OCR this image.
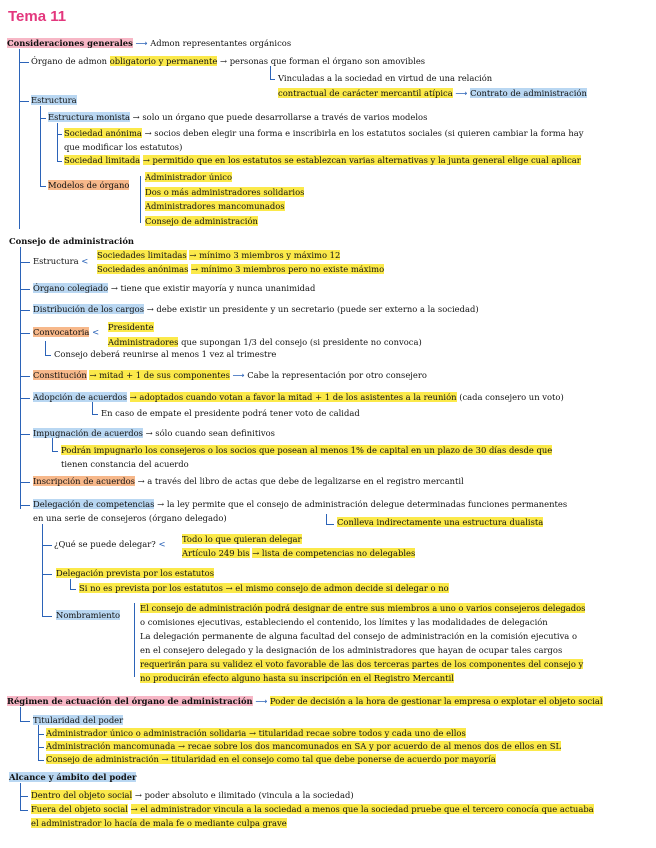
Tema 11
Consideraciones generales ⟶ Admon representantes orgánicos
Órgano de admon obligatorio y permanente → personas que forman el órgano son amovibles
Vinculadas a la sociedad en virtud de una relación
contractual de carácter mercantil atípica ⟶ Contrato de administración
Estructura
Estructura monista → solo un órgano que puede desarrollarse a través de varios modelos
Sociedad anónima → socios deben elegir una forma e inscribirla en los estatutos sociales (si quieren cambiar la forma hay
que modificar los estatutos)
Sociedad limitada → permitido que en los estatutos se establezcan varias alternativas y la junta general elige cual aplicar
Modelos de órgano
Administrador único
Dos o más administradores solidarios
Administradores mancomunados
Consejo de administración
Consejo de administración
Estructura <
Sociedades limitadas → mínimo 3 miembros y máximo 12
Sociedades anónimas → mínimo 3 miembros pero no existe máximo
Órgano colegiado → tiene que existir mayoría y nunca unanimidad
Distribución de los cargos → debe existir un presidente y un secretario (puede ser externo a la sociedad)
Convocatoria < Presidente
Administradores que supongan 1/3 del consejo (si presidente no convoca)
Consejo deberá reunirse al menos 1 vez al trimestre
Constitución → mitad + 1 de sus componentes ⟶ Cabe la representación por otro consejero
Adopción de acuerdos → adoptados cuando votan a favor la mitad + 1 de los asistentes a la reunión (cada consejero un voto)
En caso de empate el presidente podrá tener voto de calidad
Impugnación de acuerdos → sólo cuando sean definitivos
Podrán impugnarlo los consejeros o los socios que posean al menos 1% de capital en un plazo de 30 días desde que
tienen constancia del acuerdo
Inscripción de acuerdos → a través del libro de actas que debe de legalizarse en el registro mercantil
Delegación de competencias → la ley permite que el consejo de administración delegue determinadas funciones permanentes
en una serie de consejeros (órgano delegado)	Conlleva indirectamente una estructura dualista
¿Qué se puede delegar? < Todo lo que quieran delegar
Artículo 249 bis → lista de competencias no delegables
Delegación prevista por los estatutos
Si no es prevista por los estatutos → el mismo consejo de admon decide si delegar o no
Nombramiento
El consejo de administración podrá designar de entre sus miembros a uno o varios consejeros delegados
o comisiones ejecutivas, estableciendo el contenido, los límites y las modalidades de delegación
La delegación permanente de alguna facultad del consejo de administración en la comisión ejecutiva o
en el consejero delegado y la designación de los administradores que hayan de ocupar tales cargos
requerirán para su validez el voto favorable de las dos terceras partes de los componentes del consejo y
no producirán efecto alguno hasta su inscripción en el Registro Mercantil
Régimen de actuación del órgano de administración ⟶ Poder de decisión a la hora de gestionar la empresa o explotar el objeto social
Titularidad del poder
Administrador único o administración solidaria → titularidad recae sobre todos y cada uno de ellos
Administración mancomunada → recae sobre los dos mancomunados en SA y por acuerdo de al menos dos de ellos en SL
Consejo de administración → titularidad en el consejo como tal que debe ponerse de acuerdo por mayoría
Alcance y ámbito del poder
Dentro del objeto social → poder absoluto e ilimitado (vincula a la sociedad)
Fuera del objeto social → el administrador vincula a la sociedad a menos que la sociedad pruebe que el tercero conocía que actuaba
el administrador lo hacía de mala fe o mediante culpa grave
